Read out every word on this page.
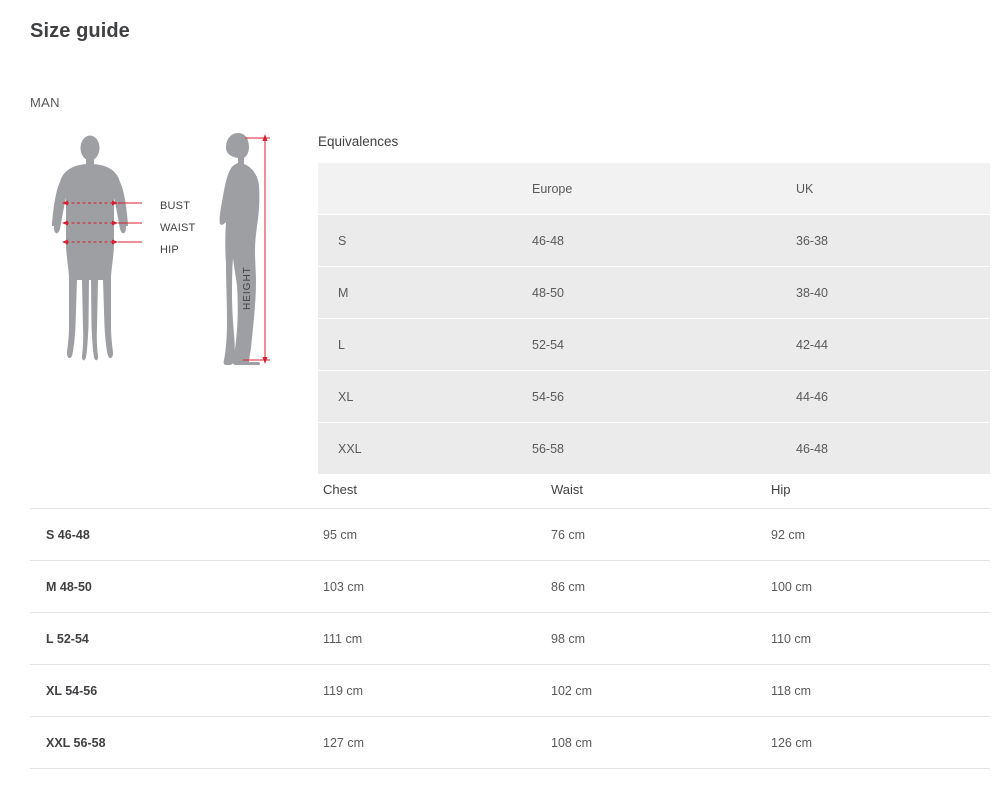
Size guide
MAN
BUST
WAIST
HIP
HEIGHT
Equivalences
	Europe	UK
S	46-48	36-38
M	48-50	38-40
L	52-54	42-44
XL	54-56	44-46
XXL	56-58	46-48
	Chest	Waist	Hip
S 46-48	95 cm	76 cm	92 cm
M 48-50	103 cm	86 cm	100 cm
L 52-54	111 cm	98 cm	110 cm
XL 54-56	119 cm	102 cm	118 cm
XXL 56-58	127 cm	108 cm	126 cm
